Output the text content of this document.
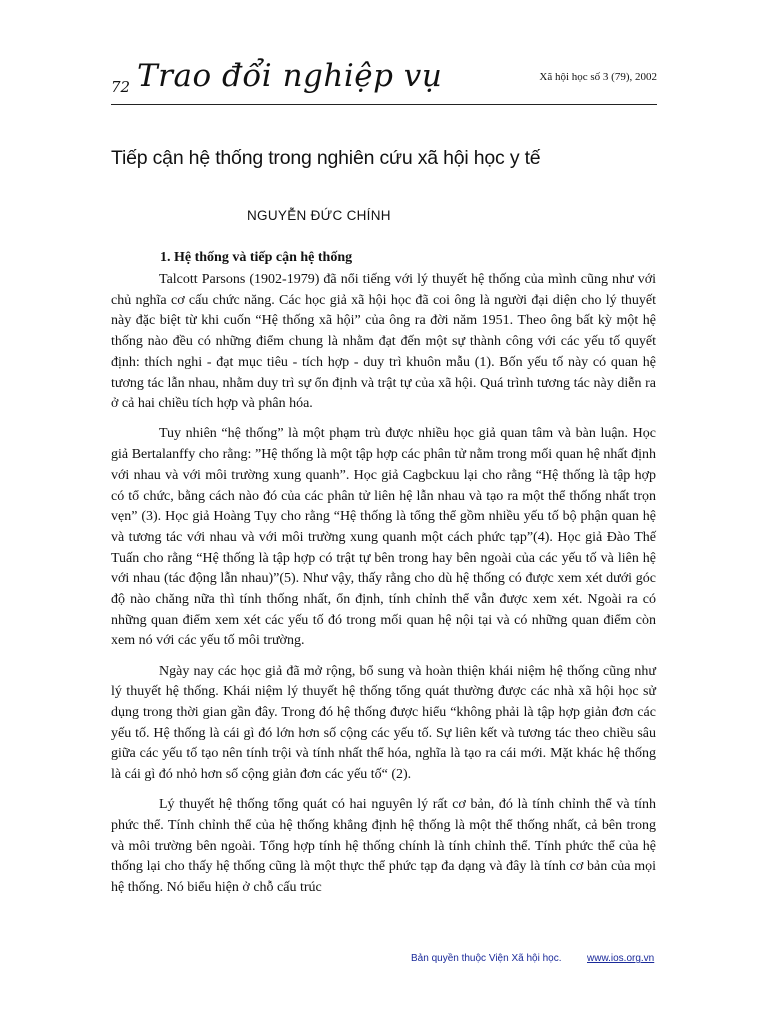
72 Trao đổi nghiệp vụ	Xã hội học số 3 (79), 2002
Tiếp cận hệ thống trong nghiên cứu xã hội học y tế
NGUYỄN ĐỨC CHÍNH
1. Hệ thống và tiếp cận hệ thống

Talcott Parsons (1902-1979) đã nổi tiếng với lý thuyết hệ thống của mình cũng như với chủ nghĩa cơ cấu chức năng. Các học giả xã hội học đã coi ông là người đại diện cho lý thuyết này đặc biệt từ khi cuốn “Hệ thống xã hội” của ông ra đời năm 1951. Theo ông bất kỳ một hệ thống nào đều có những điểm chung là nhằm đạt đến một sự thành công với các yếu tố quyết định: thích nghi - đạt mục tiêu - tích hợp - duy trì khuôn mẫu (1). Bốn yếu tố này có quan hệ tương tác lẫn nhau, nhằm duy trì sự ổn định và trật tự của xã hội. Quá trình tương tác này diễn ra ở cả hai chiều tích hợp và phân hóa.

Tuy nhiên “hệ thống” là một phạm trù được nhiều học giả quan tâm và bàn luận. Học giả Bertalanffy cho rằng: ”Hệ thống là một tập hợp các phân tử nằm trong mối quan hệ nhất định với nhau và với môi trường xung quanh”. Học giả Cagbckuu lại cho rằng “Hệ thống là tập hợp có tổ chức, bằng cách nào đó của các phân tử liên hệ lẫn nhau và tạo ra một thể thống nhất trọn vẹn” (3). Học giả Hoàng Tụy cho rằng “Hệ thống là tổng thể gồm nhiều yếu tố bộ phận quan hệ và tương tác với nhau và với môi trường xung quanh một cách phức tạp”(4). Học giả Đào Thế Tuấn cho rằng “Hệ thống là tập hợp có trật tự bên trong hay bên ngoài của các yếu tố và liên hệ với nhau (tác động lẫn nhau)”(5). Như vậy, thấy rằng cho dù hệ thống có được xem xét dưới góc độ nào chăng nữa thì tính thống nhất, ổn định, tính chỉnh thể vẫn được xem xét. Ngoài ra có những quan điểm xem xét các yếu tố đó trong mối quan hệ nội tại và có những quan điểm còn xem nó với các yếu tố môi trường.

Ngày nay các học giả đã mở rộng, bổ sung và hoàn thiện khái niệm hệ thống cũng như lý thuyết hệ thống. Khái niệm lý thuyết hệ thống tổng quát thường được các nhà xã hội học sử dụng trong thời gian gần đây. Trong đó hệ thống được hiểu “không phải là tập hợp giản đơn các yếu tố. Hệ thống là cái gì đó lớn hơn số cộng các yếu tố. Sự liên kết và tương tác theo chiều sâu giữa các yếu tố tạo nên tính trội và tính nhất thể hóa, nghĩa là tạo ra cái mới. Mặt khác hệ thống là cái gì đó nhỏ hơn số cộng giản đơn các yếu tố“ (2).

Lý thuyết hệ thống tổng quát có hai nguyên lý rất cơ bản, đó là tính chỉnh thể và tính phức thể. Tính chỉnh thể của hệ thống khẳng định hệ thống là một thể thống nhất, cả bên trong và môi trường bên ngoài. Tổng hợp tính hệ thống chính là tính chỉnh thể. Tính phức thể của hệ thống lại cho thấy hệ thống cũng là một thực thể phức tạp đa dạng và đây là tính cơ bản của mọi hệ thống. Nó biểu hiện ở chỗ cấu trúc

Bản quyền thuộc Viện Xã hội học.	www.ios.org.vn
